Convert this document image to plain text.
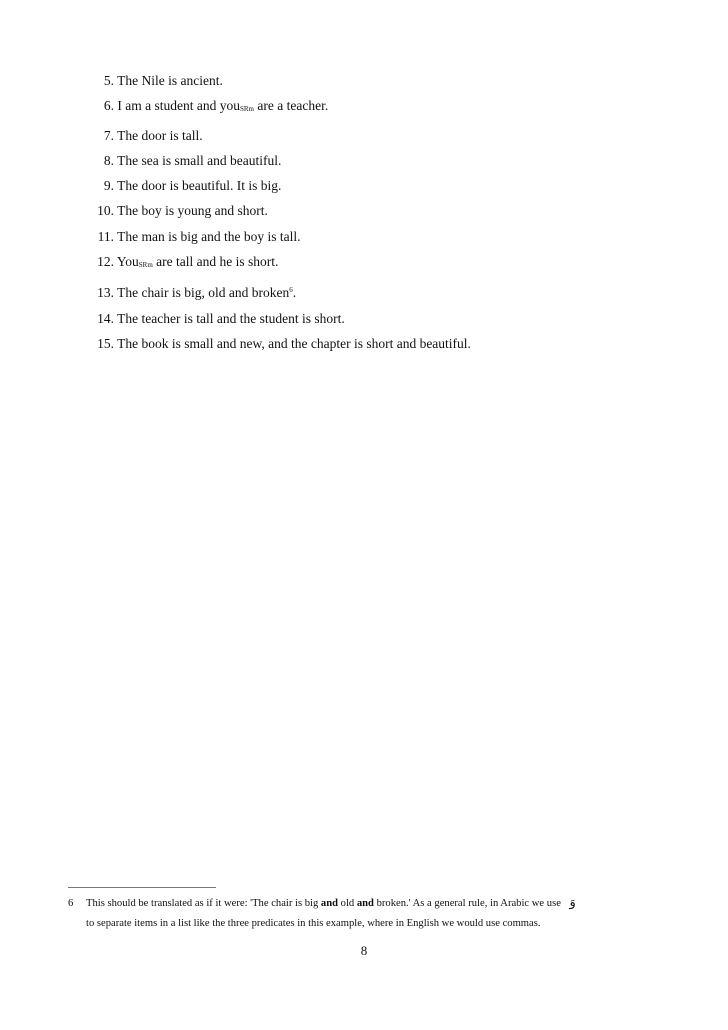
5. The Nile is ancient.
6. I am a student and youSRm are a teacher.
7. The door is tall.
8. The sea is small and beautiful.
9. The door is beautiful. It is big.
10. The boy is young and short.
11. The man is big and the boy is tall.
12. YouSRm are tall and he is short.
13. The chair is big, old and broken$^6$.
14. The teacher is tall and the student is short.
15. The book is small and new, and the chapter is short and beautiful.
6 This should be translated as if it were: 'The chair is big and old and broken.' As a general rule, in Arabic we use وَ
to separate items in a list like the three predicates in this example, where in English we would use commas.
8
